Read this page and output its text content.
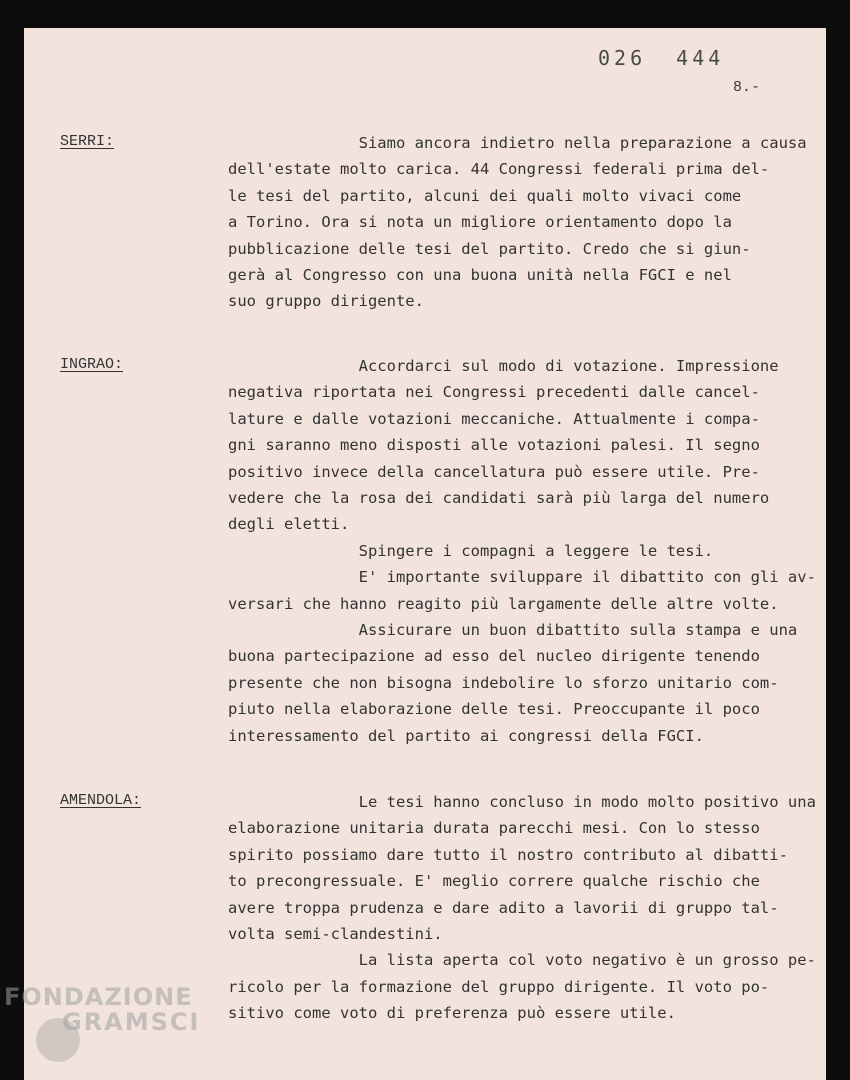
026 444
8.-
SERRI:	Siamo ancora indietro nella preparazione a causa
dell'estate molto carica. 44 Congressi federali prima del-
le tesi del partito, alcuni dei quali molto vivaci come
a Torino. Ora si nota un migliore orientamento dopo la
pubblicazione delle tesi del partito. Credo che si giun-
gerà al Congresso con una buona unità nella FGCI e nel
suo gruppo dirigente.
INGRAO:	Accordarci sul modo di votazione. Impressione
negativa riportata nei Congressi precedenti dalle cancel-
lature e dalle votazioni meccaniche. Attualmente i compa-
gni saranno meno disposti alle votazioni palesi. Il segno
positivo invece della cancellatura può essere utile. Pre-
vedere che la rosa dei candidati sarà più larga del numero
degli eletti.
Spingere i compagni a leggere le tesi.
E' importante sviluppare il dibattito con gli av-
versari che hanno reagito più largamente delle altre volte.
Assicurare un buon dibattito sulla stampa e una
buona partecipazione ad esso del nucleo dirigente tenendo
presente che non bisogna indebolire lo sforzo unitario com-
piuto nella elaborazione delle tesi. Preoccupante il poco
interessamento del partito ai congressi della FGCI.
AMENDOLA:	Le tesi hanno concluso in modo molto positivo una
elaborazione unitaria durata parecchi mesi. Con lo stesso
spirito possiamo dare tutto il nostro contributo al dibatti-
to precongressuale. E' meglio correre qualche rischio che
avere troppa prudenza e dare adito a lavorii di gruppo tal-
volta semi-clandestini.
La lista aperta col voto negativo è un grosso pe-
ricolo per la formazione del gruppo dirigente. Il voto po-
sitivo come voto di preferenza può essere utile.
FONDAZIONE
GRAMSCI
